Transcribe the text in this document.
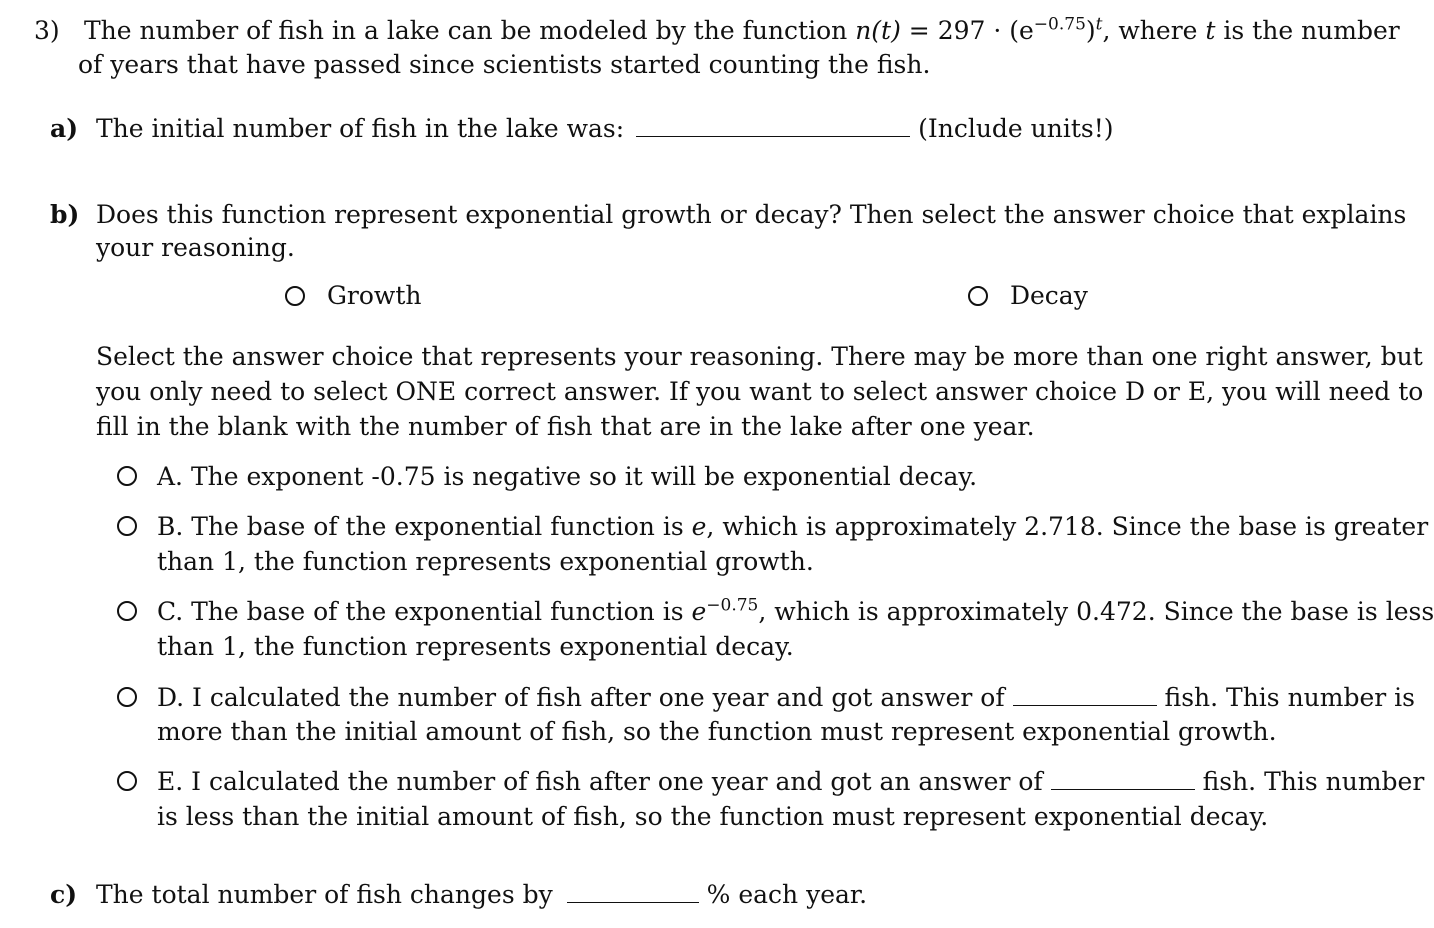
3) The number of fish in a lake can be modeled by the function $n(t) = 297 \cdot (e^{-0.75})^t$, where t is the number
of years that have passed since scientists started counting the fish.
a) The initial number of fish in the lake was:	(Include units!)
b) Does this function represent exponential growth or decay? Then select the answer choice that explains
your reasoning.
Growth	Decay
Select the answer choice that represents your reasoning. There may be more than one right answer, but
you only need to select ONE correct answer. If you want to select answer choice D or E, you will need to
fill in the blank with the number of fish that are in the lake after one year.
A. The exponent -0.75 is negative so it will be exponential decay.
B. The base of the exponential function is e, which is approximately 2.718. Since the base is greater
than 1, the function represents exponential growth.
C. The base of the exponential function is $e^{-0.75}$, which is approximately 0.472. Since the base is less
than 1, the function represents exponential decay.
D. I calculated the number of fish after one year and got answer of	fish. This number is
more than the initial amount of fish, so the function must represent exponential growth.
E. I calculated the number of fish after one year and got an answer of	fish. This number
is less than the initial amount of fish, so the function must represent exponential decay.
c) The total number of fish changes by	% each year.
